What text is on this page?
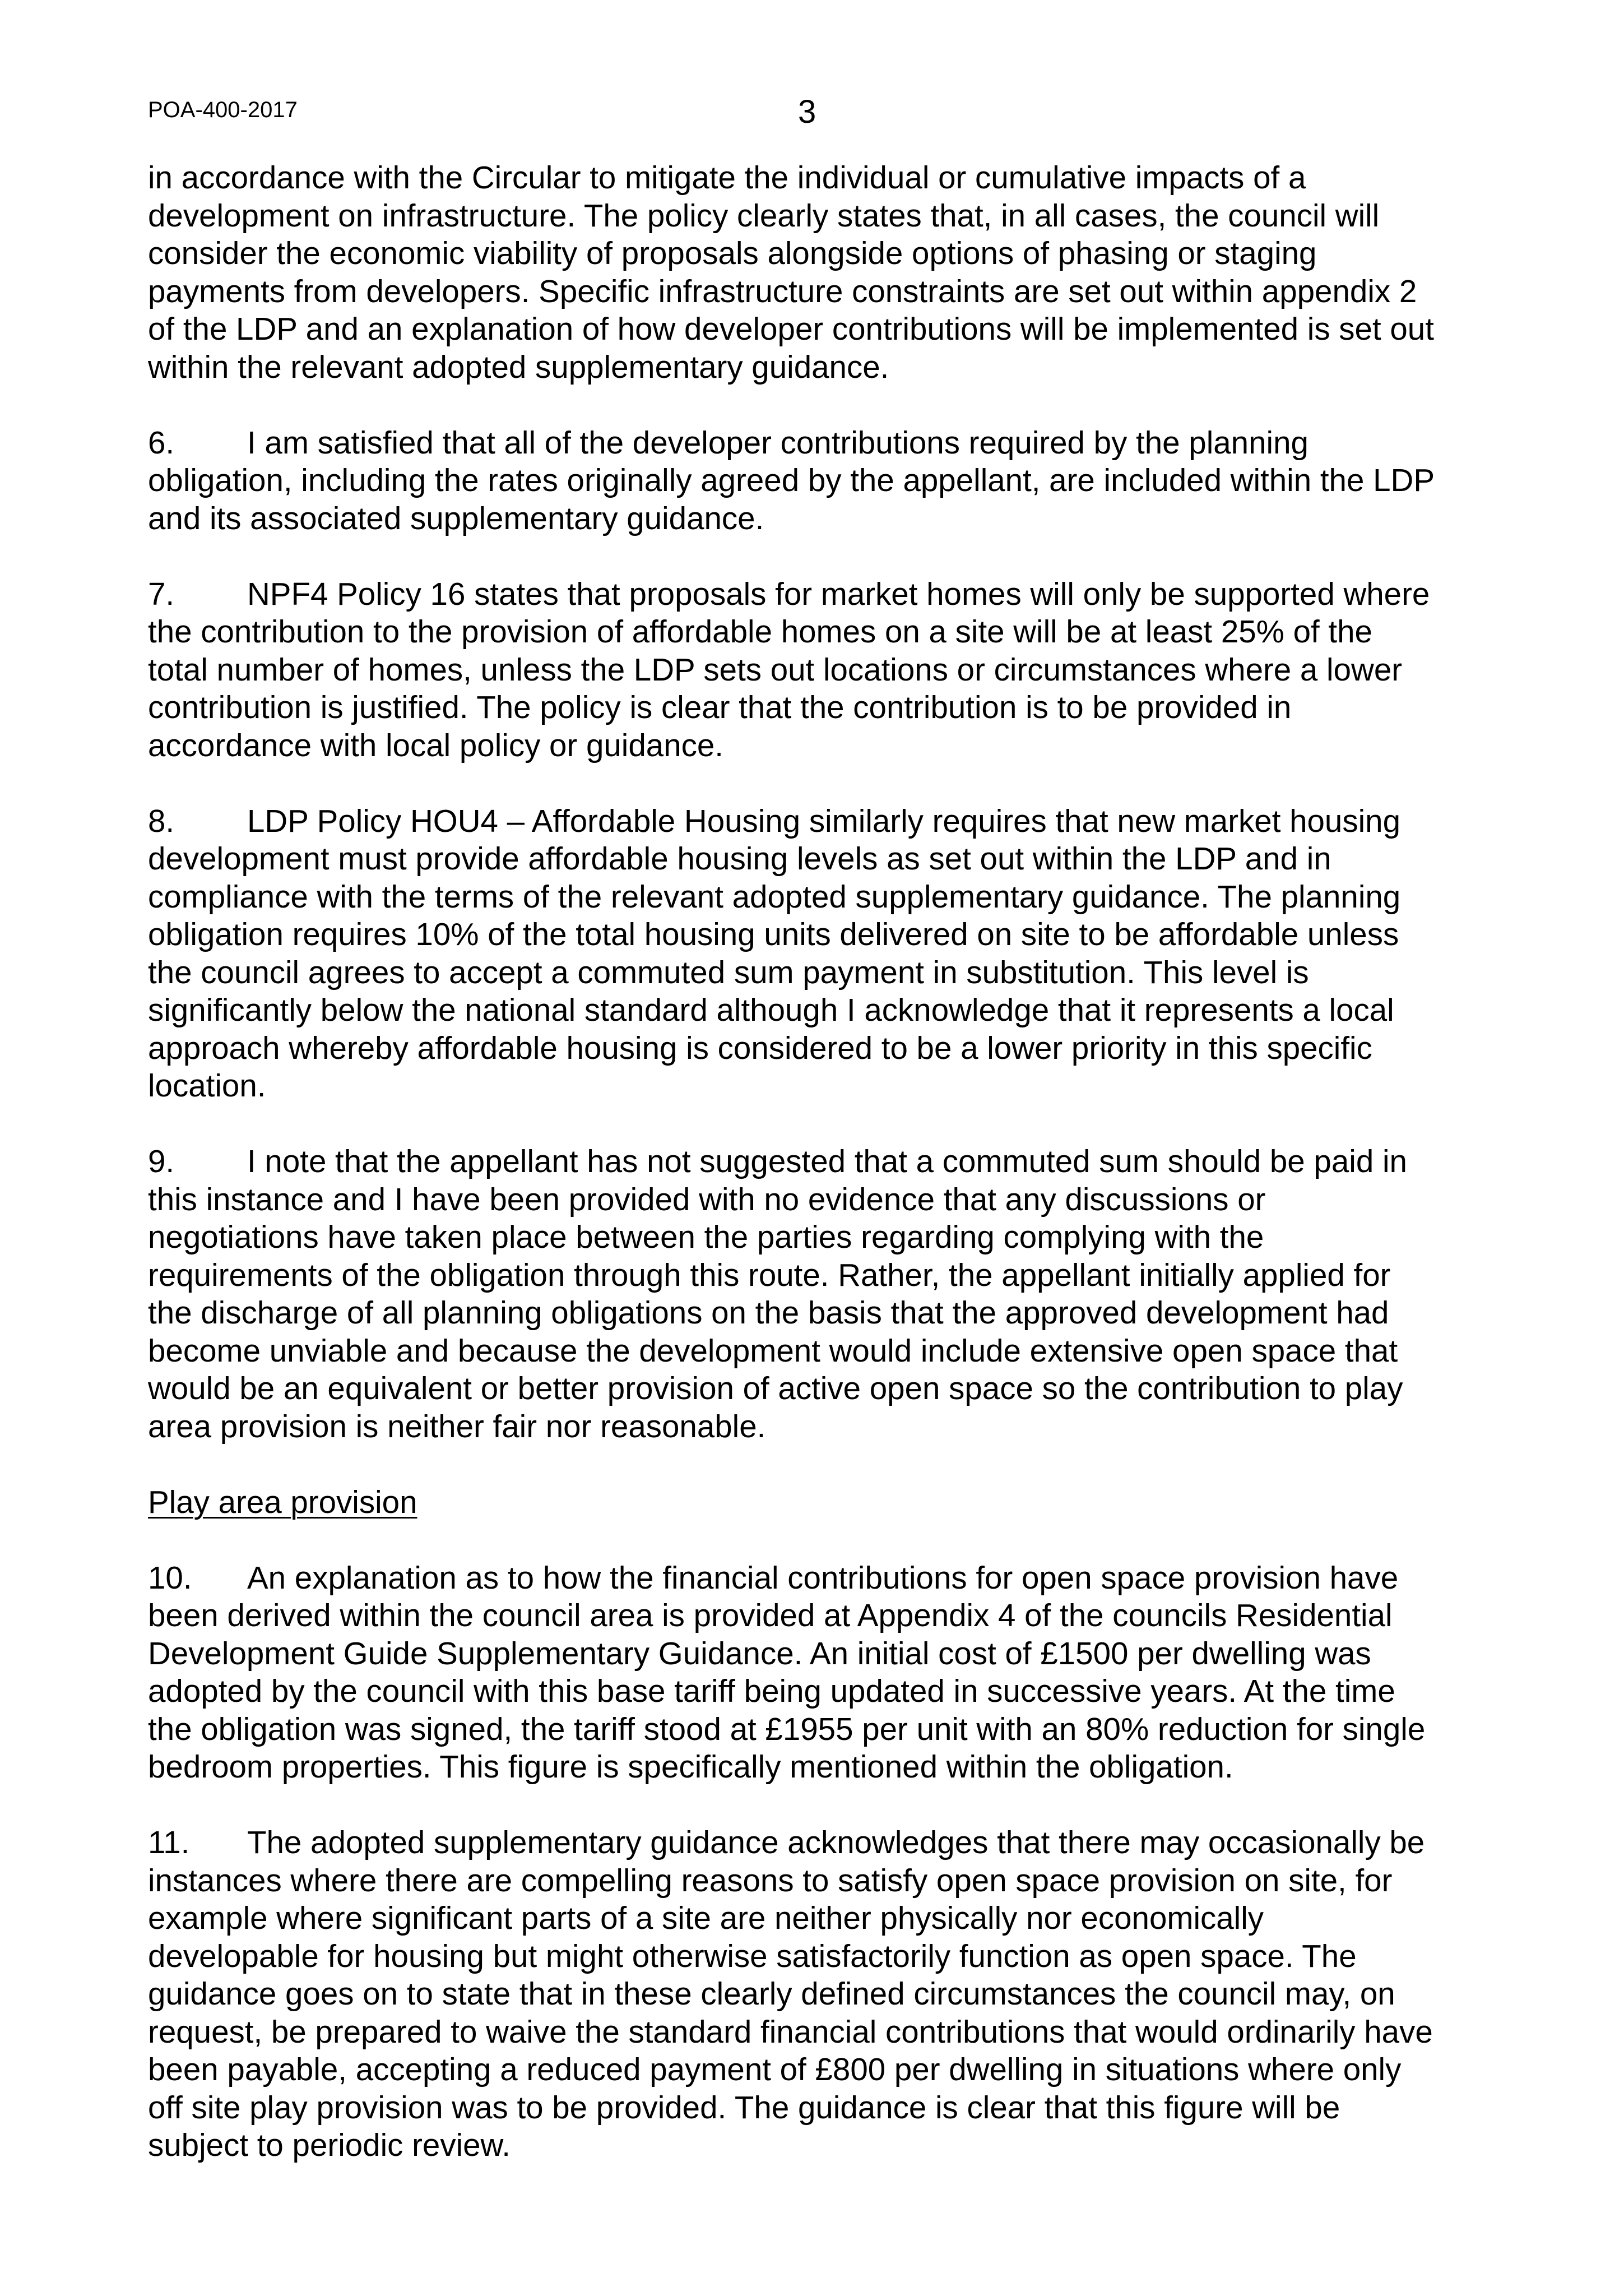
POA-400-2017	3

in accordance with the Circular to mitigate the individual or cumulative impacts of a
development on infrastructure. The policy clearly states that, in all cases, the council will
consider the economic viability of proposals alongside options of phasing or staging
payments from developers. Specific infrastructure constraints are set out within appendix 2
of the LDP and an explanation of how developer contributions will be implemented is set out
within the relevant adopted supplementary guidance.

6. I am satisfied that all of the developer contributions required by the planning
obligation, including the rates originally agreed by the appellant, are included within the LDP
and its associated supplementary guidance.

7. NPF4 Policy 16 states that proposals for market homes will only be supported where
the contribution to the provision of affordable homes on a site will be at least 25% of the
total number of homes, unless the LDP sets out locations or circumstances where a lower
contribution is justified. The policy is clear that the contribution is to be provided in
accordance with local policy or guidance.

8. LDP Policy HOU4 – Affordable Housing similarly requires that new market housing
development must provide affordable housing levels as set out within the LDP and in
compliance with the terms of the relevant adopted supplementary guidance. The planning
obligation requires 10% of the total housing units delivered on site to be affordable unless
the council agrees to accept a commuted sum payment in substitution. This level is
significantly below the national standard although I acknowledge that it represents a local
approach whereby affordable housing is considered to be a lower priority in this specific
location.

9. I note that the appellant has not suggested that a commuted sum should be paid in
this instance and I have been provided with no evidence that any discussions or
negotiations have taken place between the parties regarding complying with the
requirements of the obligation through this route. Rather, the appellant initially applied for
the discharge of all planning obligations on the basis that the approved development had
become unviable and because the development would include extensive open space that
would be an equivalent or better provision of active open space so the contribution to play
area provision is neither fair nor reasonable.

Play area provision

10. An explanation as to how the financial contributions for open space provision have
been derived within the council area is provided at Appendix 4 of the councils Residential
Development Guide Supplementary Guidance. An initial cost of £1500 per dwelling was
adopted by the council with this base tariff being updated in successive years. At the time
the obligation was signed, the tariff stood at £1955 per unit with an 80% reduction for single
bedroom properties. This figure is specifically mentioned within the obligation.

11. The adopted supplementary guidance acknowledges that there may occasionally be
instances where there are compelling reasons to satisfy open space provision on site, for
example where significant parts of a site are neither physically nor economically
developable for housing but might otherwise satisfactorily function as open space. The
guidance goes on to state that in these clearly defined circumstances the council may, on
request, be prepared to waive the standard financial contributions that would ordinarily have
been payable, accepting a reduced payment of £800 per dwelling in situations where only
off site play provision was to be provided. The guidance is clear that this figure will be
subject to periodic review.
